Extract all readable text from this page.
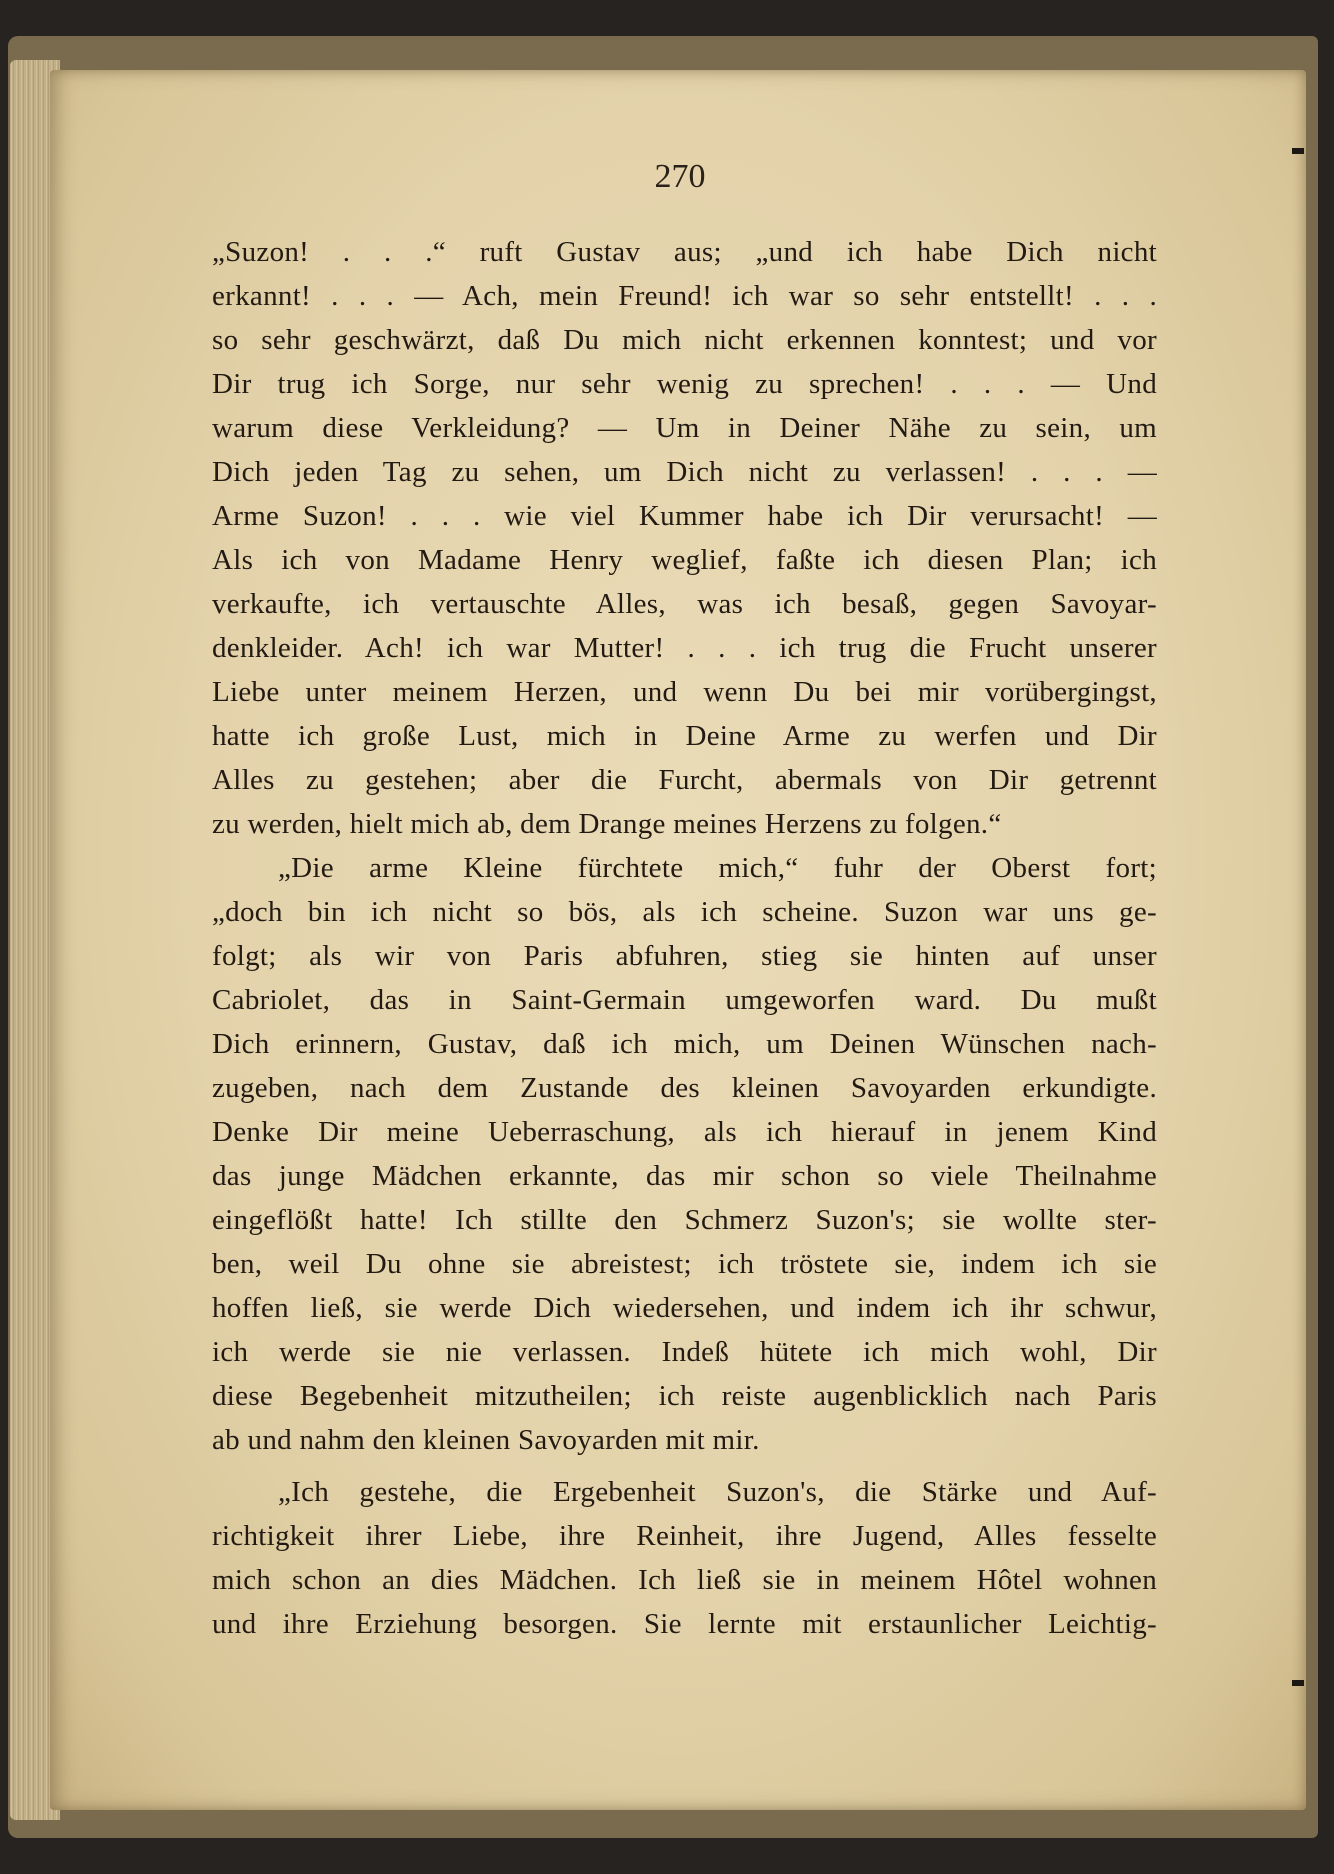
270
„Suzon! . . .“ ruft Gustav aus; „und ich habe Dich nicht
erkannt! . . . — Ach, mein Freund! ich war so sehr entstellt! . . .
so sehr geschwärzt, daß Du mich nicht erkennen konntest; und vor
Dir trug ich Sorge, nur sehr wenig zu sprechen! . . . — Und
warum diese Verkleidung? — Um in Deiner Nähe zu sein, um
Dich jeden Tag zu sehen, um Dich nicht zu verlassen! . . . —
Arme Suzon! . . . wie viel Kummer habe ich Dir verursacht! —
Als ich von Madame Henry weglief, faßte ich diesen Plan; ich
verkaufte, ich vertauschte Alles, was ich besaß, gegen Savoyar-
denkleider. Ach! ich war Mutter! . . . ich trug die Frucht unserer
Liebe unter meinem Herzen, und wenn Du bei mir vorübergingst,
hatte ich große Lust, mich in Deine Arme zu werfen und Dir
Alles zu gestehen; aber die Furcht, abermals von Dir getrennt
zu werden, hielt mich ab, dem Drange meines Herzens zu folgen.“
„Die arme Kleine fürchtete mich,“ fuhr der Oberst fort;
„doch bin ich nicht so bös, als ich scheine. Suzon war uns ge-
folgt; als wir von Paris abfuhren, stieg sie hinten auf unser
Cabriolet, das in Saint-Germain umgeworfen ward. Du mußt
Dich erinnern, Gustav, daß ich mich, um Deinen Wünschen nach-
zugeben, nach dem Zustande des kleinen Savoyarden erkundigte.
Denke Dir meine Ueberraschung, als ich hierauf in jenem Kind
das junge Mädchen erkannte, das mir schon so viele Theilnahme
eingeflößt hatte! Ich stillte den Schmerz Suzon's; sie wollte ster-
ben, weil Du ohne sie abreistest; ich tröstete sie, indem ich sie
hoffen ließ, sie werde Dich wiedersehen, und indem ich ihr schwur,
ich werde sie nie verlassen. Indeß hütete ich mich wohl, Dir
diese Begebenheit mitzutheilen; ich reiste augenblicklich nach Paris
ab und nahm den kleinen Savoyarden mit mir.
„Ich gestehe, die Ergebenheit Suzon's, die Stärke und Auf-
richtigkeit ihrer Liebe, ihre Reinheit, ihre Jugend, Alles fesselte
mich schon an dies Mädchen. Ich ließ sie in meinem Hôtel wohnen
und ihre Erziehung besorgen. Sie lernte mit erstaunlicher Leichtig-
